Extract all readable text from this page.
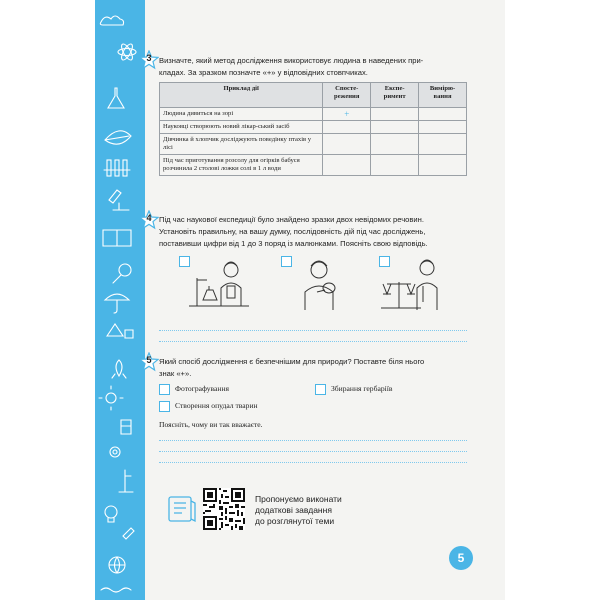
3 Визначте, який метод дослідження використовує людина в наведених при-
кладах. За зразком позначте «+» у відповідних стовпчиках.
Приклад дії	Спосте-режения	Експе-римент	Вимірю-вання
Людина дивиться на зорі	+		
Науковці створюють новий лікар-ський засіб			
Дівчинка й хлопчик досліджують поведінку птахів у лісі			
Під час приготування розсолу для огірків бабуся розчинила 2 столові ложки солі в 1 л води			
4 Під час наукової експедиції було знайдено зразки двох невідомих речовин.
Установіть правильну, на вашу думку, послідовність дій під час досліджень,
поставивши цифри від 1 до 3 поряд із малюнками. Поясніть свою відповідь.
5 Який спосіб дослідження є безпечнішим для природи? Поставте біля нього
знак «+».
Фотографування	Збирання гербаріїв
Створення опудал тварин
Поясніть, чому ви так вважаєте.
Пропонуємо виконати
додаткові завдання
до розглянутої теми
5
